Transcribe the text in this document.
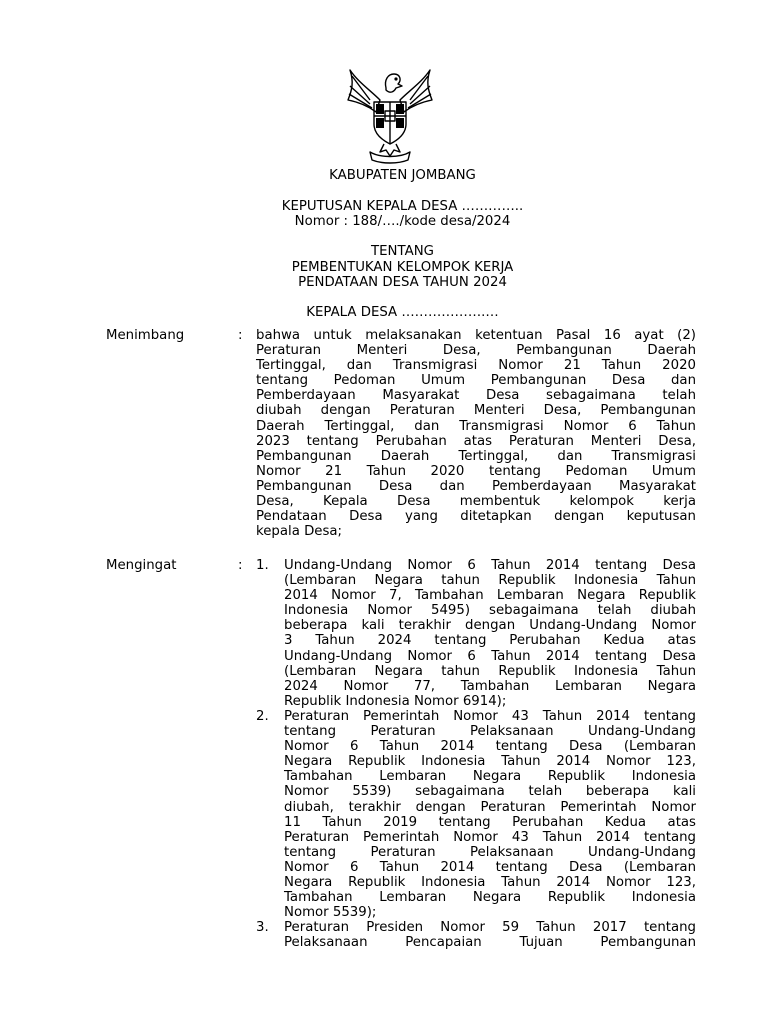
KABUPATEN JOMBANG
KEPUTUSAN KEPALA DESA …………..
Nomor : 188/…./kode desa/2024
TENTANG
PEMBENTUKAN KELOMPOK KERJA
PENDATAAN DESA TAHUN 2024
KEPALA DESA ……………….…
Menimbang	: bahwa untuk melaksanakan ketentuan Pasal 16 ayat (2)
Peraturan Menteri Desa, Pembangunan Daerah
Tertinggal, dan Transmigrasi Nomor 21 Tahun 2020
tentang Pedoman Umum Pembangunan Desa dan
Pemberdayaan Masyarakat Desa sebagaimana telah
diubah dengan Peraturan Menteri Desa, Pembangunan
Daerah Tertinggal, dan Transmigrasi Nomor 6 Tahun
2023 tentang Perubahan atas Peraturan Menteri Desa,
Pembangunan Daerah Tertinggal, dan Transmigrasi
Nomor 21 Tahun 2020 tentang Pedoman Umum
Pembangunan Desa dan Pemberdayaan Masyarakat
Desa, Kepala Desa membentuk kelompok kerja
Pendataan Desa yang ditetapkan dengan keputusan
kepala Desa;
Mengingat	: 1. Undang-Undang Nomor 6 Tahun 2014 tentang Desa
(Lembaran Negara tahun Republik Indonesia Tahun
2014 Nomor 7, Tambahan Lembaran Negara Republik
Indonesia Nomor 5495) sebagaimana telah diubah
beberapa kali terakhir dengan Undang-Undang Nomor
3 Tahun 2024 tentang Perubahan Kedua atas
Undang-Undang Nomor 6 Tahun 2014 tentang Desa
(Lembaran Negara tahun Republik Indonesia Tahun
2024 Nomor 77, Tambahan Lembaran Negara
Republik Indonesia Nomor 6914);
2. Peraturan Pemerintah Nomor 43 Tahun 2014 tentang
tentang Peraturan Pelaksanaan Undang-Undang
Nomor 6 Tahun 2014 tentang Desa (Lembaran
Negara Republik Indonesia Tahun 2014 Nomor 123,
Tambahan Lembaran Negara Republik Indonesia
Nomor 5539) sebagaimana telah beberapa kali
diubah, terakhir dengan Peraturan Pemerintah Nomor
11 Tahun 2019 tentang Perubahan Kedua atas
Peraturan Pemerintah Nomor 43 Tahun 2014 tentang
tentang Peraturan Pelaksanaan Undang-Undang
Nomor 6 Tahun 2014 tentang Desa (Lembaran
Negara Republik Indonesia Tahun 2014 Nomor 123,
Tambahan Lembaran Negara Republik Indonesia
Nomor 5539);
3. Peraturan Presiden Nomor 59 Tahun 2017 tentang
Pelaksanaan Pencapaian Tujuan Pembangunan
